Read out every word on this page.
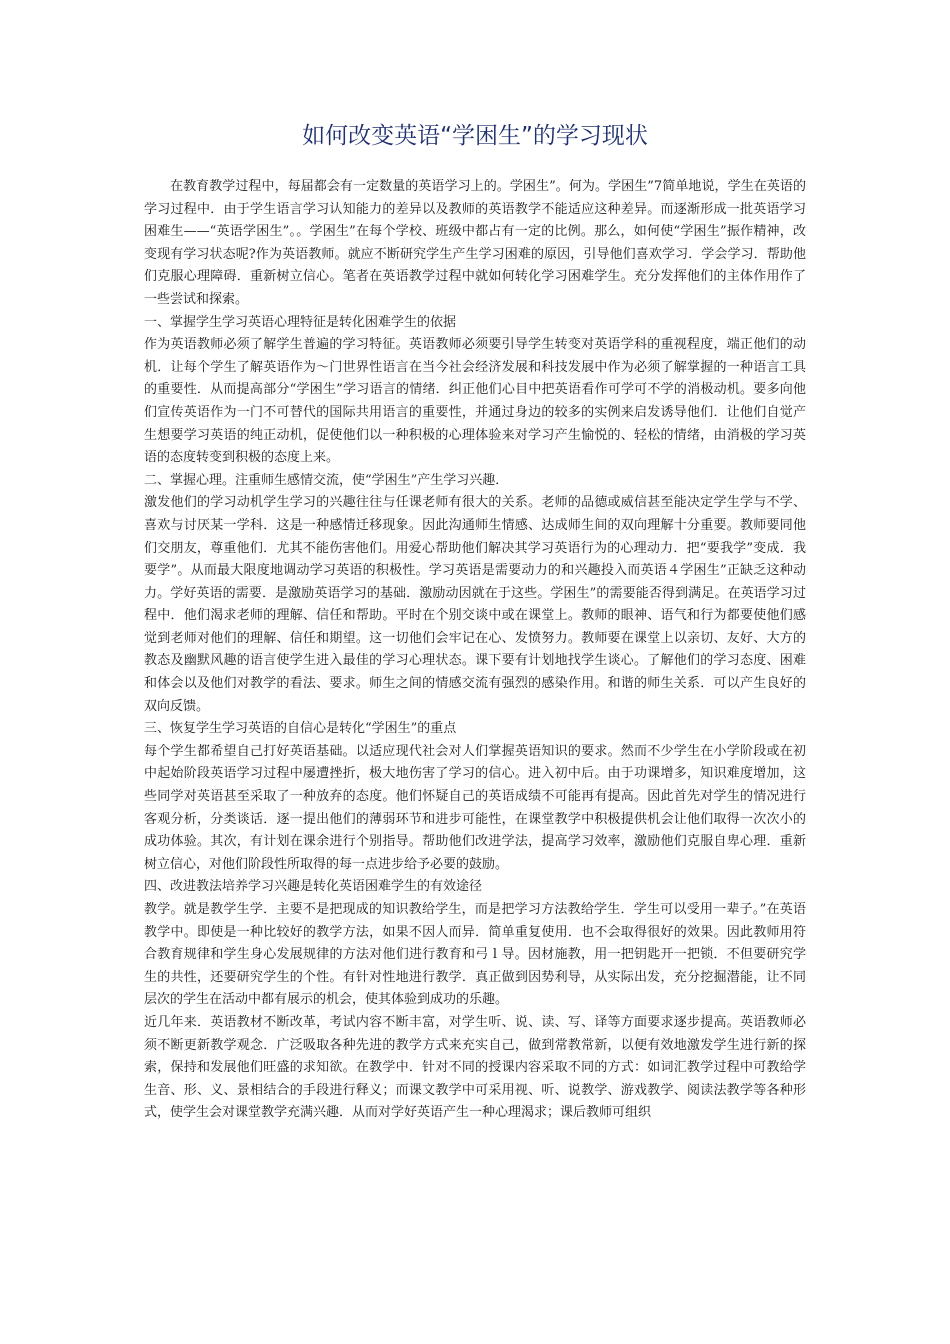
如何改变英语“学困生”的学习现状

在教育教学过程中，每届都会有一定数量的英语学习上的。学困生”。何为。学困生”7简单地说，学生在英语的学习过程中．由于学生语言学习认知能力的差异以及教师的英语教学不能适应这种差异。而逐渐形成一批英语学习困难生——“英语学困生”。。学困生”在每个学校、班级中都占有一定的比例。那么，如何使“学困生”振作精神，改变现有学习状态呢?作为英语教师。就应不断研究学生产生学习困难的原因，引导他们喜欢学习．学会学习．帮助他们克服心理障碍．重新树立信心。笔者在英语教学过程中就如何转化学习困难学生。充分发挥他们的主体作用作了一些尝试和探索。

一、掌握学生学习英语心理特征是转化困难学生的依据

作为英语教师必须了解学生普遍的学习特征。英语教师必须要引导学生转变对英语学科的重视程度，端正他们的动机．让每个学生了解英语作为～门世界性语言在当今社会经济发展和科技发展中作为必须了解掌握的一种语言工具的重要性．从而提高部分“学困生”学习语言的情绪．纠正他们心目中把英语看作可学可不学的消极动机。要多向他们宣传英语作为一门不可替代的国际共用语言的重要性，并通过身边的较多的实例来启发诱导他们．让他们自觉产生想要学习英语的纯正动机，促使他们以一种积极的心理体验来对学习产生愉悦的、轻松的情绪，由消极的学习英语的态度转变到积极的态度上来。

二、掌握心理。注重师生感情交流，使“学困生”产生学习兴趣．

激发他们的学习动机学生学习的兴趣往往与任课老师有很大的关系。老师的品德或威信甚至能决定学生学与不学、喜欢与讨厌某一学科．这是一种感情迁移现象。因此沟通师生情感、达成师生间的双向理解十分重要。教师要同他们交朋友，尊重他们．尤其不能伤害他们。用爱心帮助他们解决其学习英语行为的心理动力．把“要我学”变成．我要学”。从而最大限度地调动学习英语的积极性。学习英语是需要动力的和兴趣投入而英语４学困生”正缺乏这种动力。学好英语的需要．是激励英语学习的基础．激励动因就在于这些。学困生”的需要能否得到满足。在英语学习过程中．他们渴求老师的理解、信任和帮助。平时在个别交谈中或在课堂上。教师的眼神、语气和行为都要使他们感觉到老师对他们的理解、信任和期望。这一切他们会牢记在心、发愤努力。教师要在课堂上以亲切、友好、大方的教态及幽默风趣的语言使学生进入最佳的学习心理状态。课下要有计划地找学生谈心。了解他们的学习态度、困难和体会以及他们对教学的看法、要求。师生之间的情感交流有强烈的感染作用。和谐的师生关系．可以产生良好的双向反馈。

三、恢复学生学习英语的自信心是转化“学困生”的重点

每个学生都希望自己打好英语基础。以适应现代社会对人们掌握英语知识的要求。然而不少学生在小学阶段或在初中起始阶段英语学习过程中屡遭挫折，极大地伤害了学习的信心。进入初中后。由于功课增多，知识难度增加，这些同学对英语甚至采取了一种放弃的态度。他们怀疑自己的英语成绩不可能再有提高。因此首先对学生的情况进行客观分析，分类谈话．逐一提出他们的薄弱环节和进步可能性，在课堂教学中积极提供机会让他们取得一次次小的成功体验。其次，有计划在课余进行个别指导。帮助他们改进学法，提高学习效率，激励他们克服自卑心理．重新树立信心，对他们阶段性所取得的每一点进步给予必要的鼓励。

四、改进教法培养学习兴趣是转化英语困难学生的有效途径

教学。就是教学生学．主要不是把现成的知识教给学生，而是把学习方法教给学生．学生可以受用一辈子。”在英语教学中。即使是一种比较好的教学方法，如果不因人而异．简单重复使用．也不会取得很好的效果。因此教师用符合教育规律和学生身心发展规律的方法对他们进行教育和弓 l 导。因材施教，用一把钥匙开一把锁．不但要研究学生的共性，还要研究学生的个性。有针对性地进行教学．真正做到因势利导，从实际出发，充分挖掘潜能，让不同层次的学生在活动中都有展示的机会，使其体验到成功的乐趣。

近几年来．英语教材不断改革，考试内容不断丰富，对学生听、说、读、写、译等方面要求逐步提高。英语教师必须不断更新教学观念．广泛吸取各种先进的教学方式来充实自己，做到常教常新，以便有效地激发学生进行新的探索，保持和发展他们旺盛的求知欲。在教学中．针对不同的授课内容采取不同的方式：如词汇教学过程中可教给学生音、形、义、景相结合的手段进行释义；而课文教学中可采用视、听、说教学、游戏教学、阅读法教学等各种形式，使学生会对课堂教学充满兴趣．从而对学好英语产生一种心理渴求；课后教师可组织
